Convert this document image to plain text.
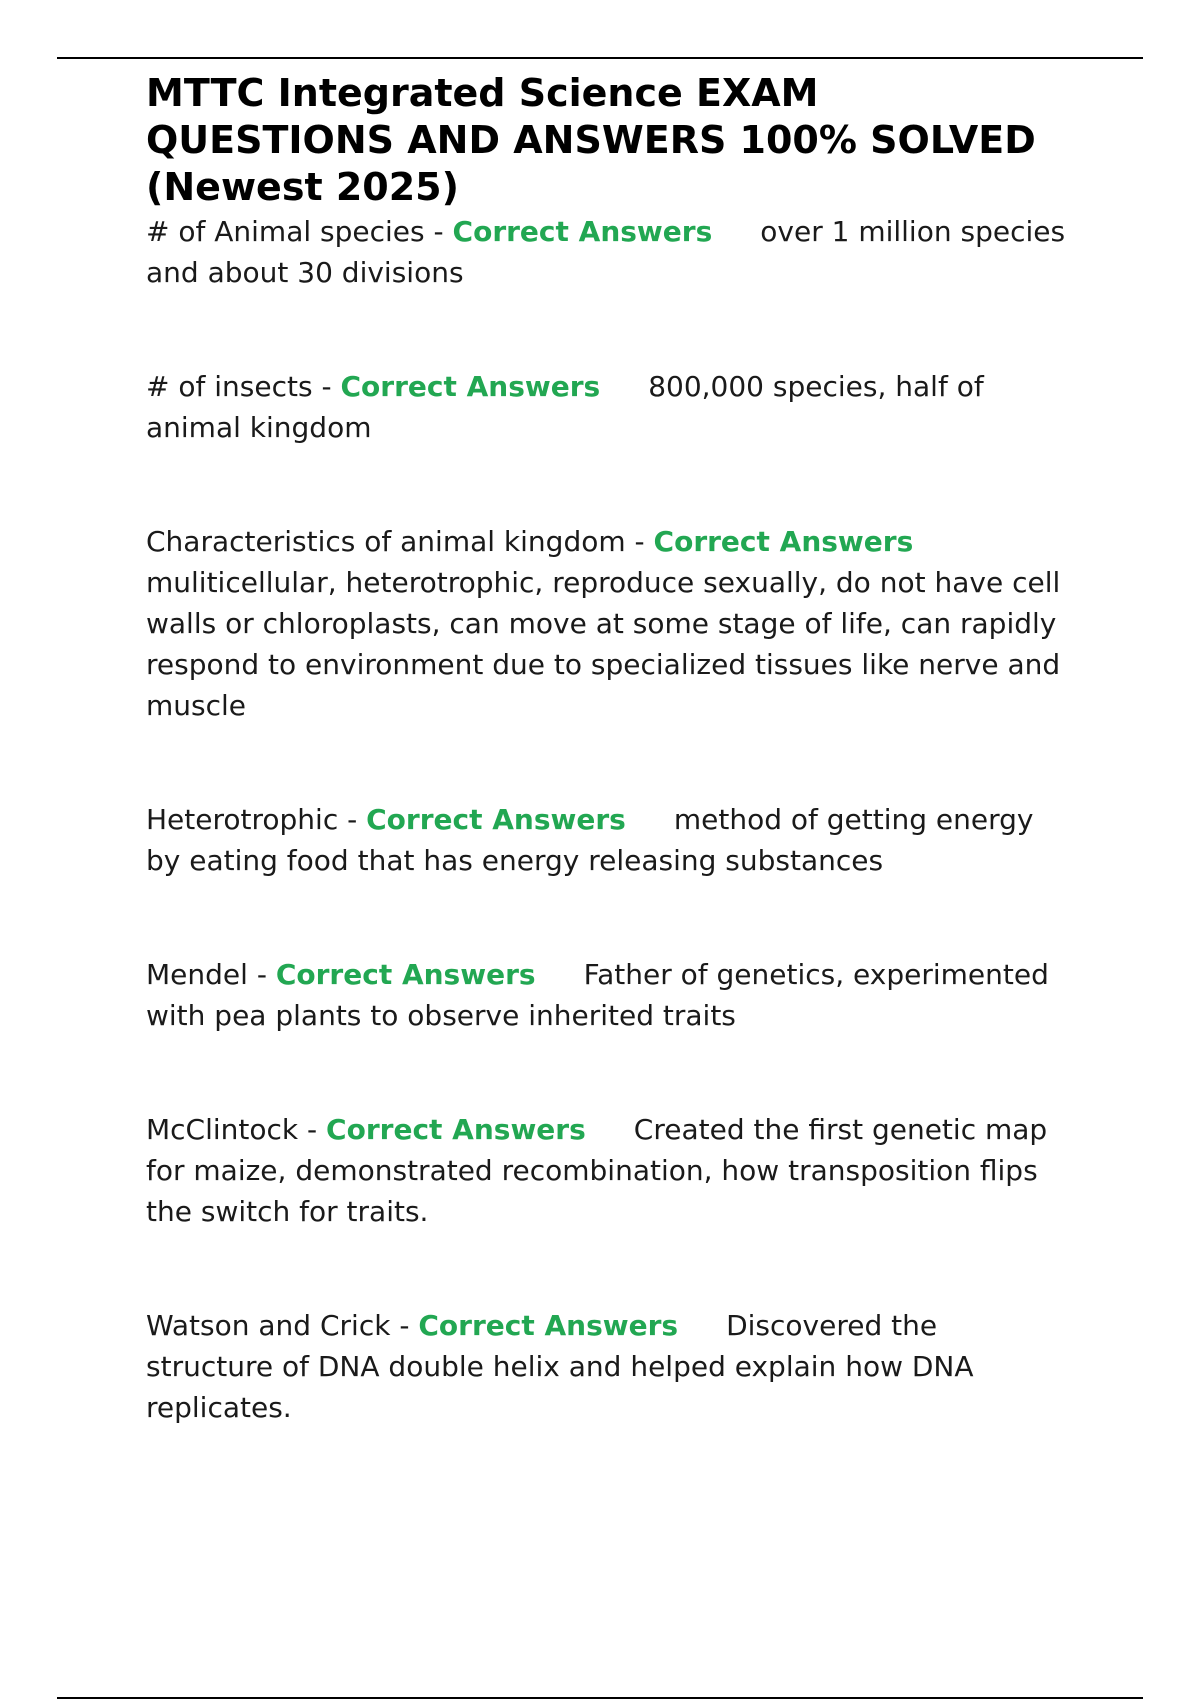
MTTC Integrated Science EXAM QUESTIONS AND ANSWERS 100% SOLVED (Newest 2025)

# of Animal species - Correct Answers over 1 million species and about 30 divisions

# of insects - Correct Answers 800,000 species, half of animal kingdom

Characteristics of animal kingdom - Correct Answersmuliticellular, heterotrophic, reproduce sexually, do not have cell walls or chloroplasts, can move at some stage of life, can rapidly respond to environment due to specialized tissues like nerve and muscle

Heterotrophic - Correct Answers method of getting energy by eating food that has energy releasing substances

Mendel - Correct Answers Father of genetics, experimented with pea plants to observe inherited traits

McClintock - Correct Answers Created the first genetic map for maize, demonstrated recombination, how transposition flips the switch for traits.

Watson and Crick - Correct Answers Discovered the structure of DNA double helix and helped explain how DNA replicates.
